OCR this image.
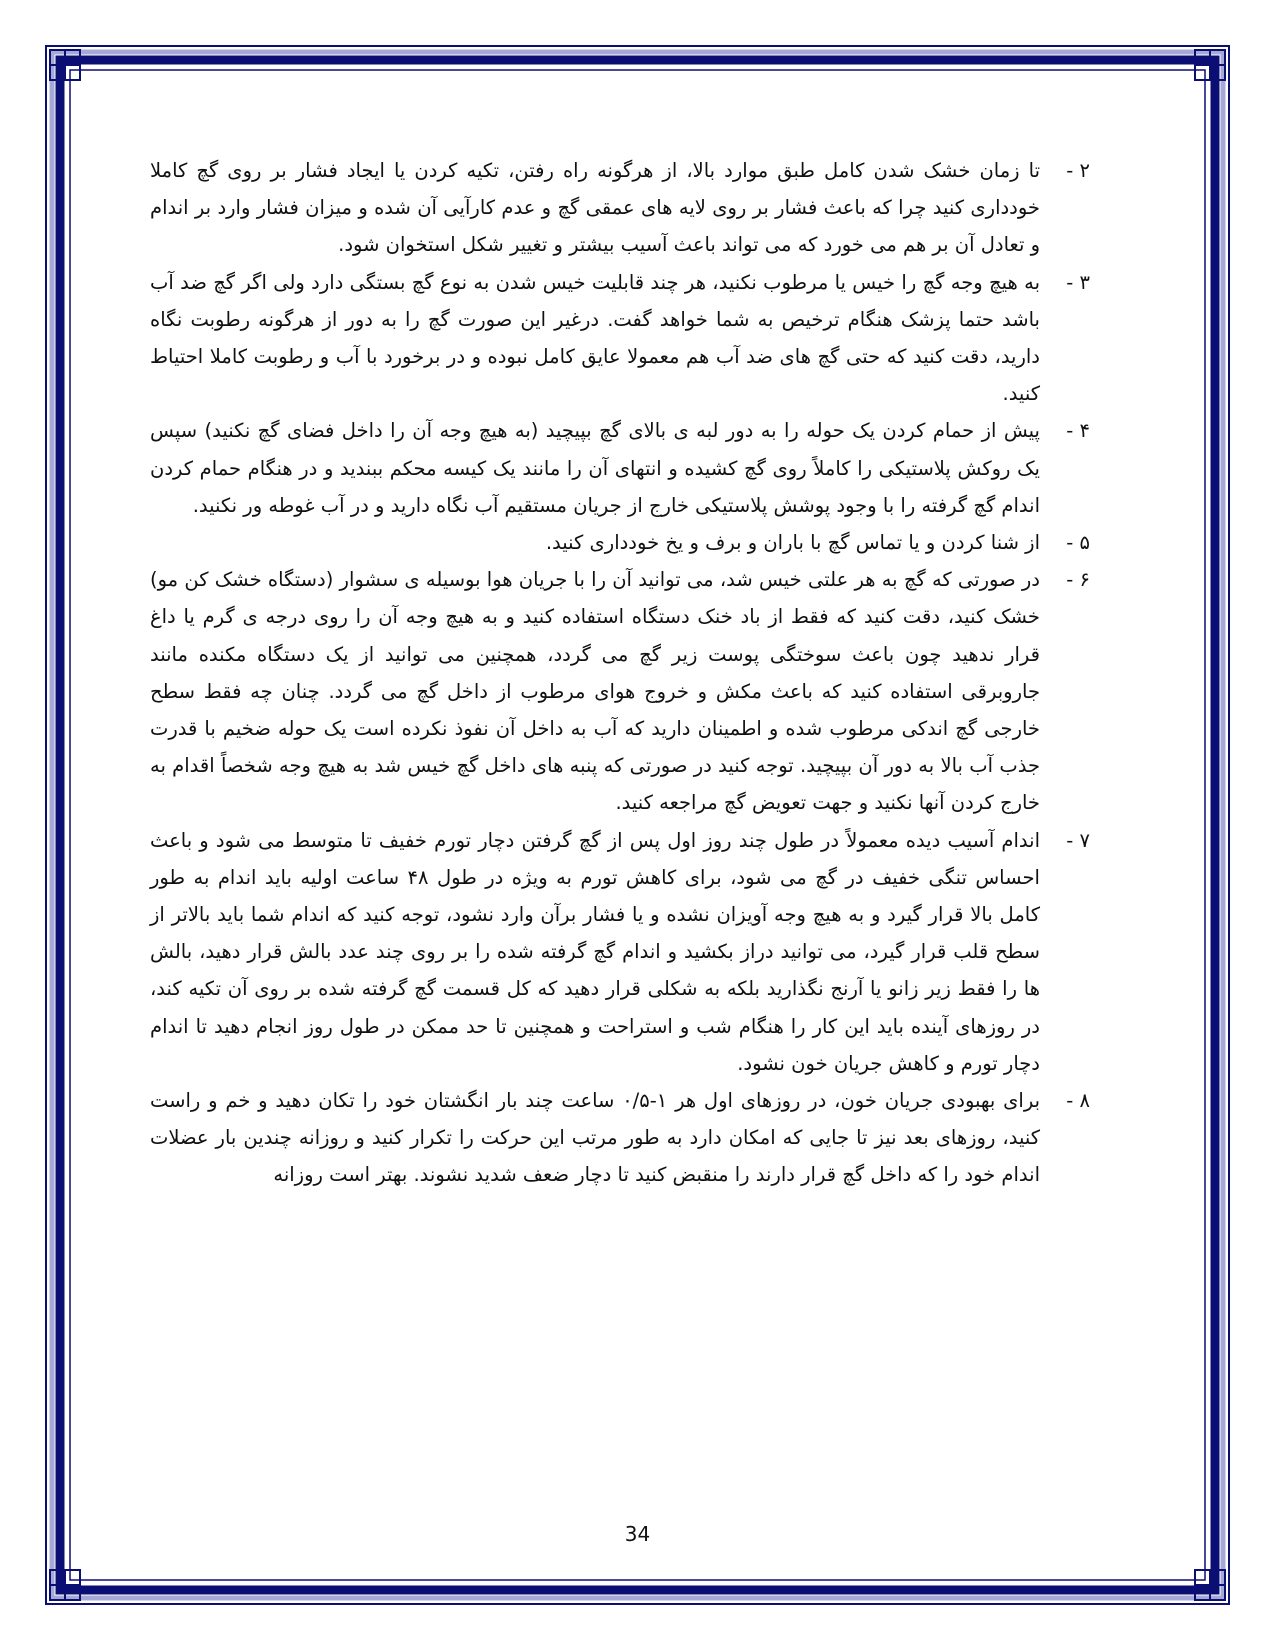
۲ -
تا زمان خشک شدن کامل طبق موارد بالا، از هرگونه راه رفتن، تکیه کردن یا ایجاد فشار بر روی گچ کاملا خودداری کنید چرا که باعث فشار بر روی لایه های عمقی گچ و عدم کارآیی آن شده و میزان فشار وارد بر اندام و تعادل آن بر هم می خورد که می تواند باعث آسیب بیشتر و تغییر شکل استخوان شود.
۳ -
به هیچ وجه گچ را خیس یا مرطوب نکنید، هر چند قابلیت خیس شدن به نوع گچ بستگی دارد ولی اگر گچ ضد آب باشد حتما پزشک هنگام ترخیص به شما خواهد گفت. درغیر این صورت گچ را به دور از هرگونه رطوبت نگاه دارید، دقت کنید که حتی گچ های ضد آب هم معمولا عایق کامل نبوده و در برخورد با آب و رطوبت کاملا احتیاط کنید.
۴ -
پیش از حمام کردن یک حوله را به دور لبه ی بالای گچ بپیچید (به هیچ وجه آن را داخل فضای گچ نکنید) سپس یک روکش پلاستیکی را کاملاً روی گچ کشیده و انتهای آن را مانند یک کیسه محکم ببندید و در هنگام حمام کردن اندام گچ گرفته را با وجود پوشش پلاستیکی خارج از جریان مستقیم آب نگاه دارید و در آب غوطه ور نکنید.
۵ -
از شنا کردن و یا تماس گچ با باران و برف و یخ خودداری کنید.
۶ -
در صورتی که گچ به هر علتی خیس شد، می توانید آن را با جریان هوا بوسیله ی سشوار (دستگاه خشک کن مو) خشک کنید، دقت کنید که فقط از باد خنک دستگاه استفاده کنید و به هیچ وجه آن را روی درجه ی گرم یا داغ قرار ندهید چون باعث سوختگی پوست زیر گچ می گردد، همچنین می توانید از یک دستگاه مکنده مانند جاروبرقی استفاده کنید که باعث مکش و خروج هوای مرطوب از داخل گچ می گردد. چنان چه فقط سطح خارجی گچ اندکی مرطوب شده و اطمینان دارید که آب به داخل آن نفوذ نکرده است یک حوله ضخیم با قدرت جذب آب بالا به دور آن بپیچید. توجه کنید در صورتی که پنبه های داخل گچ خیس شد به هیچ وجه شخصاً اقدام به خارج کردن آنها نکنید و جهت تعویض گچ مراجعه کنید.
۷ -
اندام آسیب دیده معمولاً در طول چند روز اول پس از گچ گرفتن دچار تورم خفیف تا متوسط می شود و باعث احساس تنگی خفیف در گچ می شود، برای کاهش تورم به ویژه در طول ۴۸ ساعت اولیه باید اندام به طور کامل بالا قرار گیرد و به هیچ وجه آویزان نشده و یا فشار برآن وارد نشود، توجه کنید که اندام شما باید بالاتر از سطح قلب قرار گیرد، می توانید دراز بکشید و اندام گچ گرفته شده را بر روی چند عدد بالش قرار دهید، بالش ها را فقط زیر زانو یا آرنج نگذارید بلکه به شکلی قرار دهید که کل قسمت گچ گرفته شده بر روی آن تکیه کند، در روزهای آینده باید این کار را هنگام شب و استراحت و همچنین تا حد ممکن در طول روز انجام دهید تا اندام دچار تورم و کاهش جریان خون نشود.
۸ -
برای بهبودی جریان خون، در روزهای اول هر ۱-۰/۵ ساعت چند بار انگشتان خود را تکان دهید و خم و راست کنید، روزهای بعد نیز تا جایی که امکان دارد به طور مرتب این حرکت را تکرار کنید و روزانه چندین بار عضلات اندام خود را که داخل گچ قرار دارند را منقبض کنید تا دچار ضعف شدید نشوند. بهتر است روزانه
34
